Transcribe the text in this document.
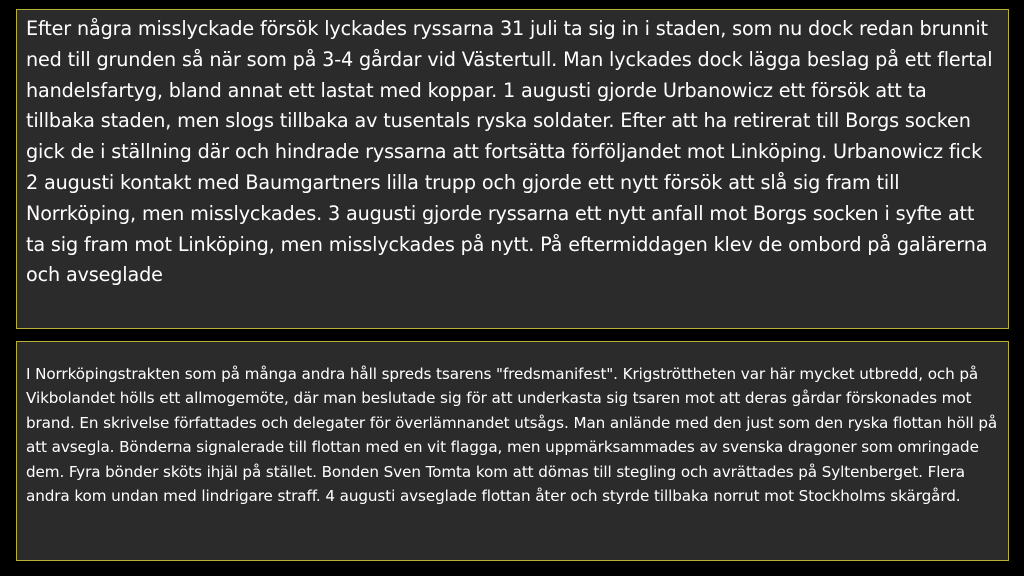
Efter några misslyckade försök lyckades ryssarna 31 juli ta sig in i staden, som nu dock redan brunnit ned till grunden så när som på 3-4 gårdar vid Västertull. Man lyckades dock lägga beslag på ett flertal handelsfartyg, bland annat ett lastat med koppar. 1 augusti gjorde Urbanowicz ett försök att ta tillbaka staden, men slogs tillbaka av tusentals ryska soldater. Efter att ha retirerat till Borgs socken gick de i ställning där och hindrade ryssarna att fortsätta förföljandet mot Linköping. Urbanowicz fick 2 augusti kontakt med Baumgartners lilla trupp och gjorde ett nytt försök att slå sig fram till Norrköping, men misslyckades. 3 augusti gjorde ryssarna ett nytt anfall mot Borgs socken i syfte att ta sig fram mot Linköping, men misslyckades på nytt. På eftermiddagen klev de ombord på galärerna och avseglade

I Norrköpingstrakten som på många andra håll spreds tsarens "fredsmanifest". Krigströttheten var här mycket utbredd, och på Vikbolandet hölls ett allmogemöte, där man beslutade sig för att underkasta sig tsaren mot att deras gårdar förskonades mot brand. En skrivelse författades och delegater för överlämnandet utsågs. Man anlände med den just som den ryska flottan höll på att avsegla. Bönderna signalerade till flottan med en vit flagga, men uppmärksammades av svenska dragoner som omringade dem. Fyra bönder sköts ihjäl på stället. Bonden Sven Tomta kom att dömas till stegling och avrättades på Syltenberget. Flera andra kom undan med lindrigare straff. 4 augusti avseglade flottan åter och styrde tillbaka norrut mot Stockholms skärgård.
